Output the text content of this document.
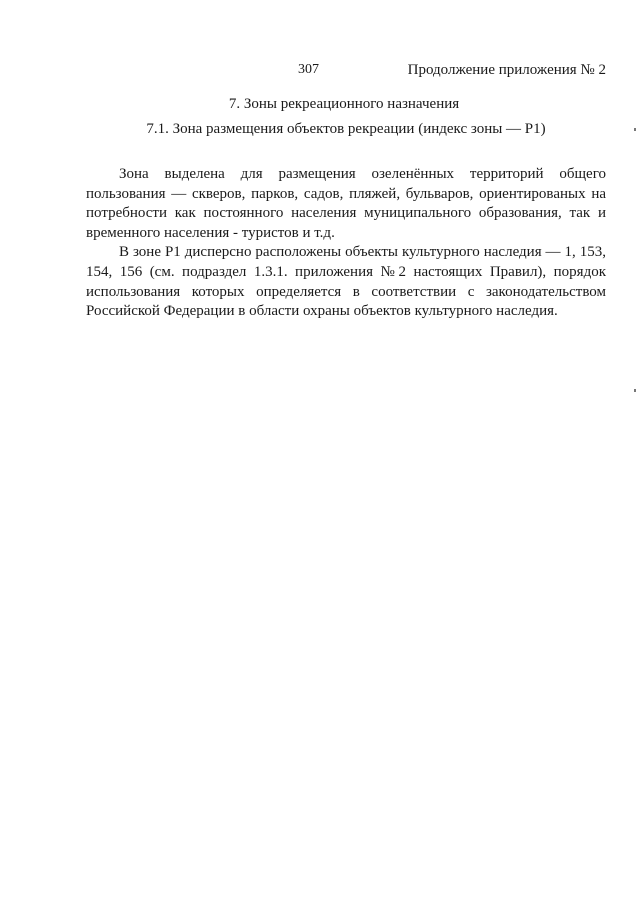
307	Продолжение приложения № 2
7. Зоны рекреационного назначения
7.1. Зона размещения объектов рекреации (индекс зоны — Р1)

Зона выделена для размещения озеленённых территорий общего пользования — скверов, парков, садов, пляжей, бульваров, ориентированых на потребности как постоянного населения муниципального образования, так и временного населения - туристов и т.д.

В зоне Р1 дисперсно расположены объекты культурного наследия — 1, 153, 154, 156 (см. подраздел 1.3.1. приложения №2 настоящих Правил), порядок использования которых определяется в соответствии с законодательством Российской Федерации в области охраны объектов культурного наследия.
